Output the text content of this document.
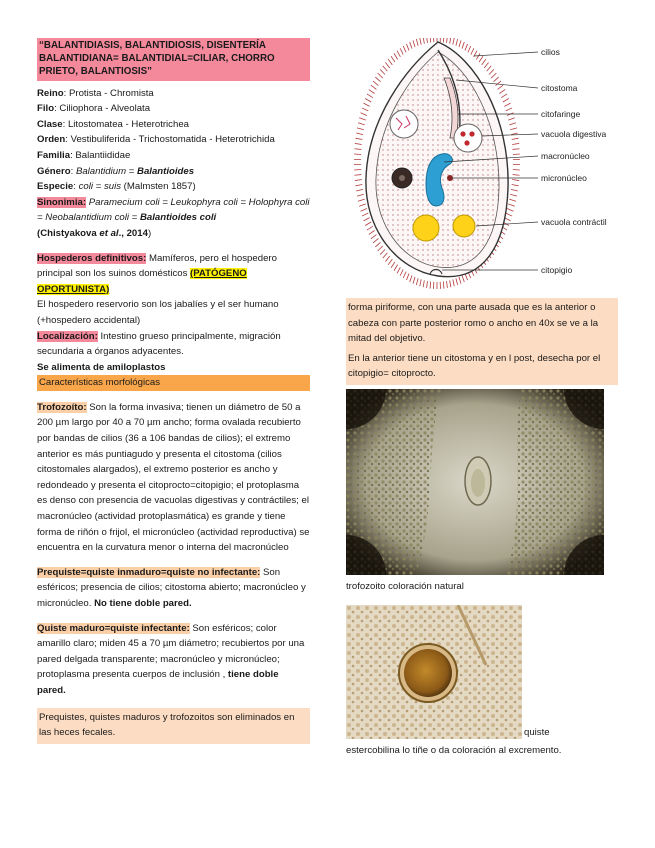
“BALANTIDIASIS, BALANTIDIOSIS, DISENTERÍA BALANTIDIANA= BALANTIDIAL=CILIAR, CHORRO PRIETO, BALANTIOSIS”

Reino: Protista - Chromista

Filo: Ciliophora - Alveolata

Clase: Litostomatea - Heterotrichea

Orden: Vestibuliferida - Trichostomatida - Heterotrichida

Familia: Balantiididae

Género: Balantidium = Balantioides

Especie: coli = suis (Malmsten 1857)

Sinonimia: Paramecium coli = Leukophyra coli = Holophyra coli = Neobalantidium coli = Balantioides coli

(Chistyakova et al., 2014)

Hospederos definitivos: Mamíferos, pero el hospedero principal son los suinos domésticos (PATÓGENO OPORTUNISTA)

El hospedero reservorio son los jabalíes y el ser humano (+hospedero accidental)

Localización: Intestino grueso principalmente, migración secundaria a órganos adyacentes.

Se alimenta de amiloplastos

Características morfológicas

Trofozoíto: Son la forma invasiva; tienen un diámetro de 50 a 200 µm largo por 40 a 70 µm ancho; forma ovalada recubierto por bandas de cilios (36 a 106 bandas de cilios); el extremo anterior es más puntiagudo y presenta el citostoma (cilios citostomales alargados), el extremo posterior es ancho y redondeado y presenta el citoprocto=citopigio; el protoplasma es denso con presencia de vacuolas digestivas y contráctiles; el macronúcleo (actividad protoplasmática) es grande y tiene forma de riñón o frijol, el micronúcleo (actividad reproductiva) se encuentra en la curvatura menor o interna del macronúcleo

Prequiste=quiste inmaduro=quiste no infectante: Son esféricos; presencia de cilios; citostoma abierto; macronúcleo y micronúcleo. No tiene doble pared.

Quiste maduro=quiste infectante: Son esféricos; color amarillo claro; miden 45 a 70 µm diámetro; recubiertos por una pared delgada transparente; macronúcleo y micronúcleo; protoplasma presenta cuerpos de inclusión , tiene doble pared.

Prequistes, quistes maduros y trofozoitos son eliminados en las heces fecales.
cilios
citostoma
citofaringe
vacuola digestiva
macronúcleo
micronúcleo
vacuola contráctil
citopigio

forma piriforme, con una parte ausada que es la anterior o cabeza con parte posterior romo o ancho en 40x se ve a la mitad del objetivo.

En la anterior tiene un citostoma y en l post, desecha por el citopigio= citoprocto.

trofozoito coloración natural

quiste

estercobilina lo tiñe o da coloración al excremento.
